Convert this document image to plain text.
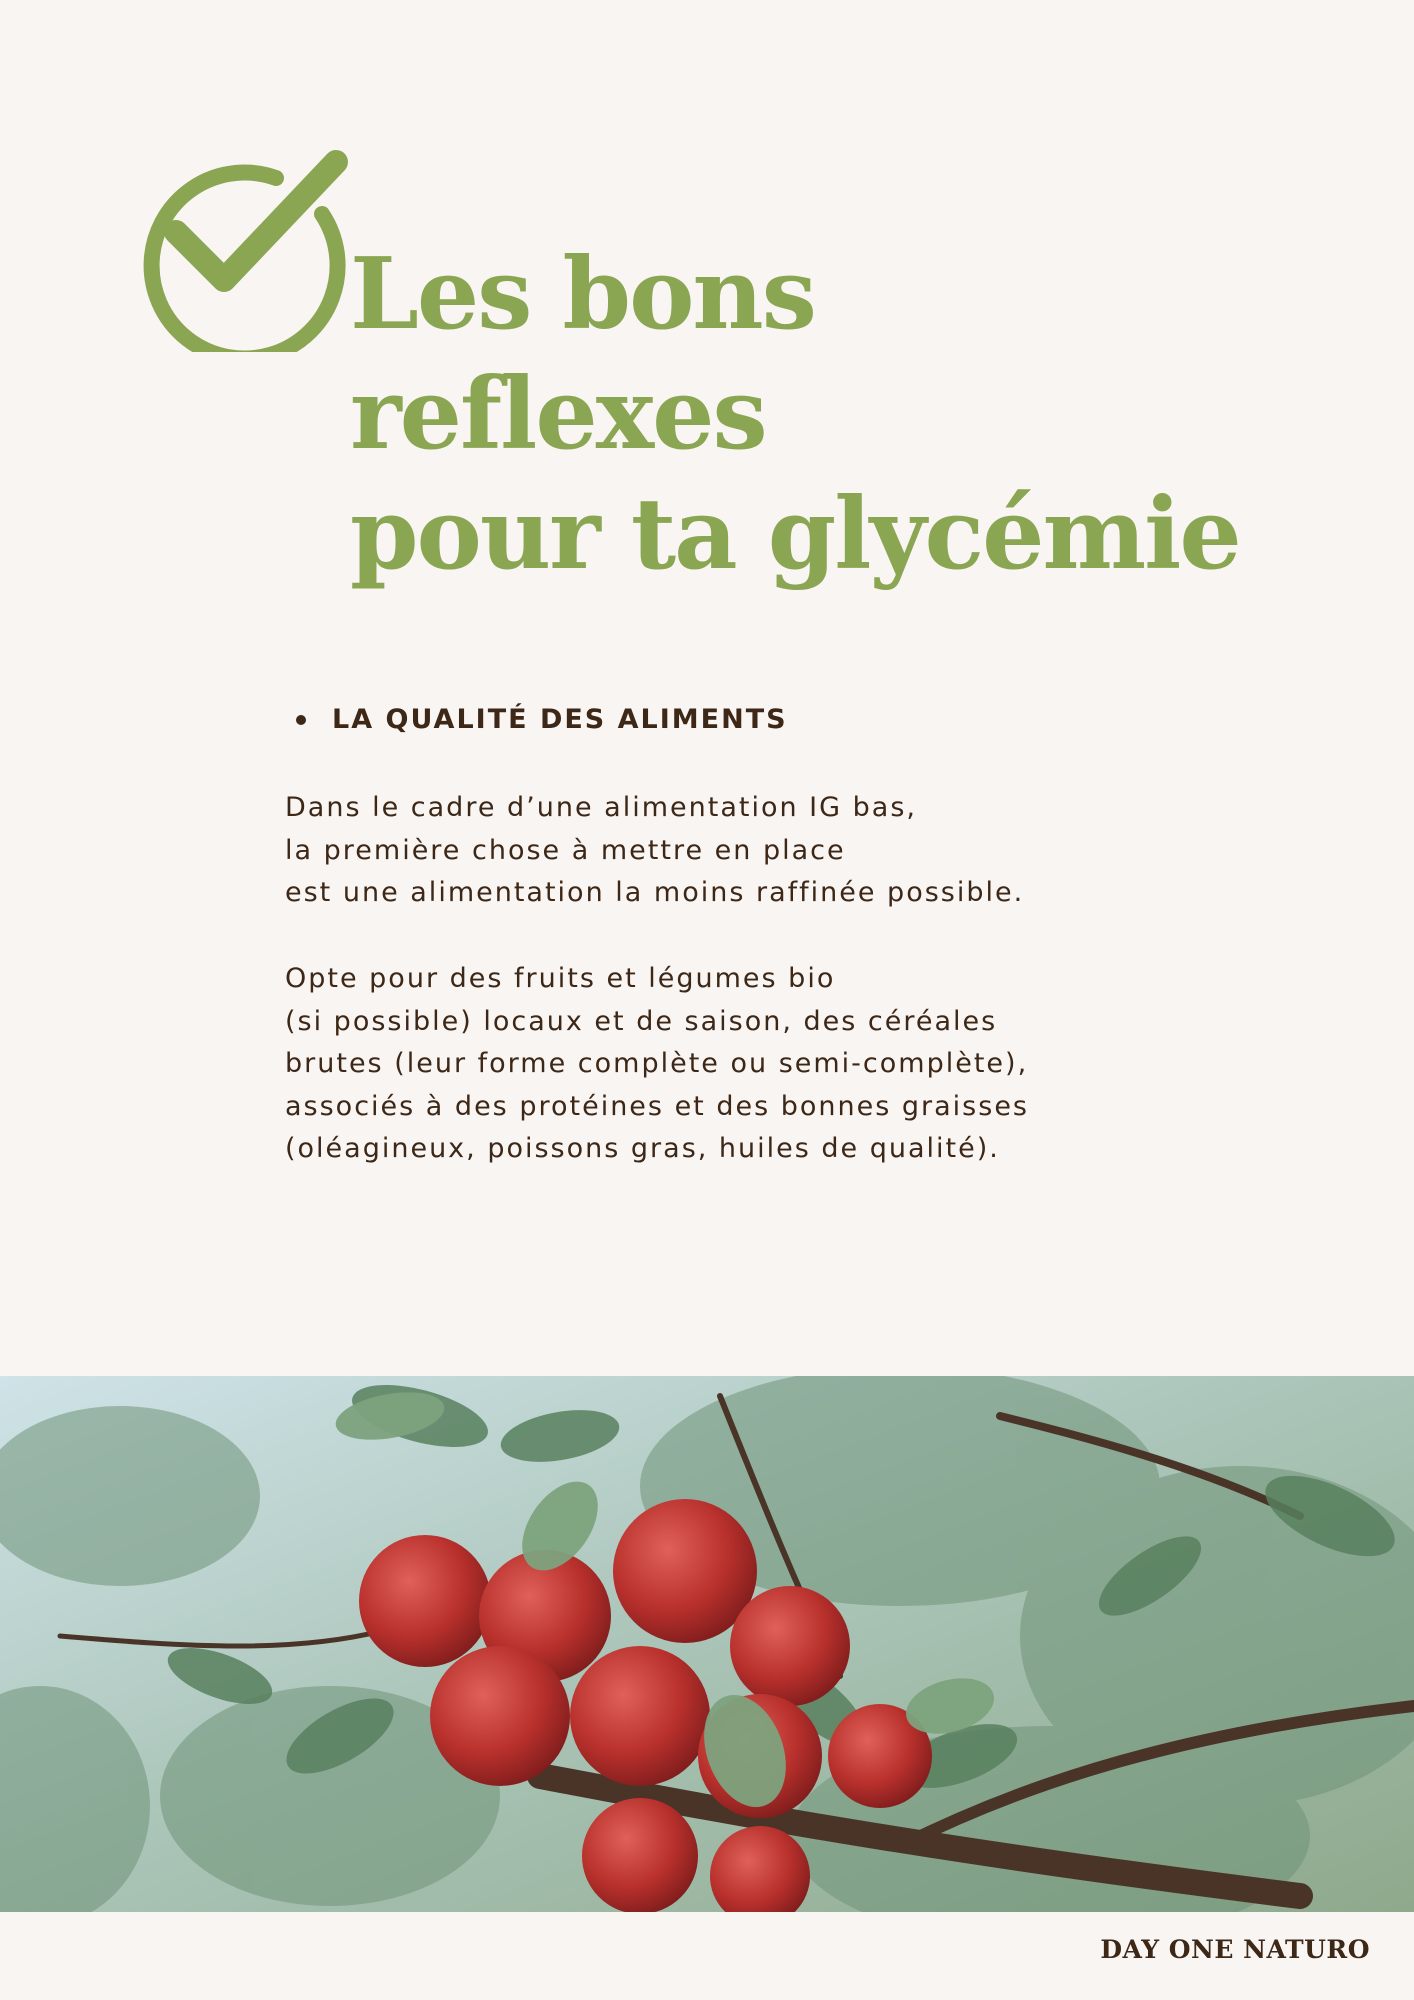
Les bons reflexes
pour ta glycémie
LA QUALITÉ DES ALIMENTS
Dans le cadre d’une alimentation IG bas,
la première chose à mettre en place
est une alimentation la moins raffinée possible.
Opte pour des fruits et légumes bio
(si possible) locaux et de saison, des céréales
brutes (leur forme complète ou semi-complète),
associés à des protéines et des bonnes graisses
(oléagineux, poissons gras, huiles de qualité).
DAY ONE NATURO
